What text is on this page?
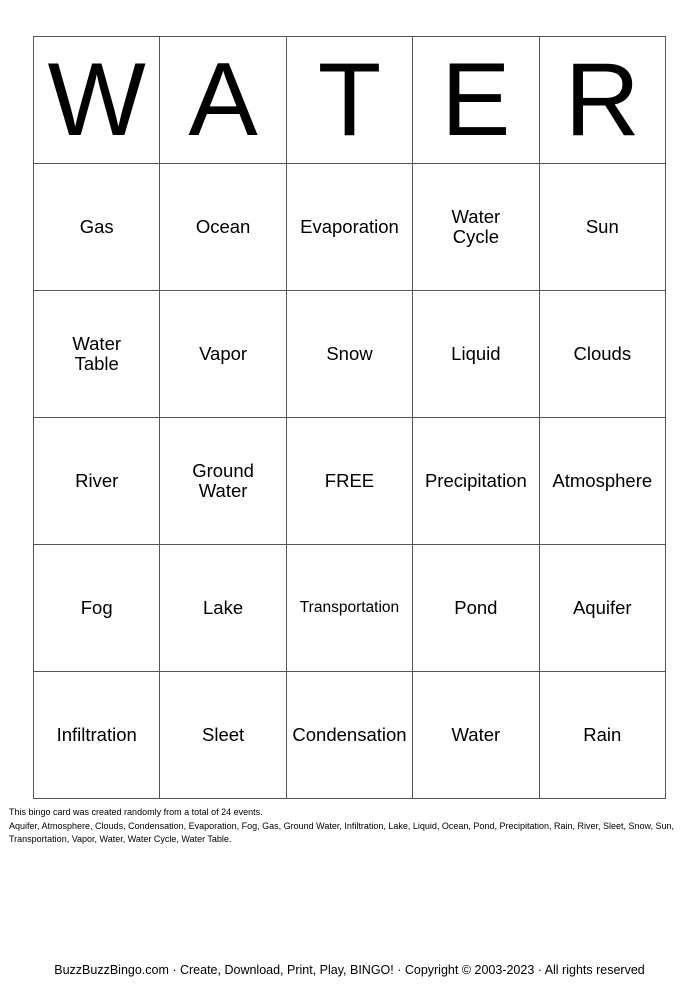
W	A	T	E	R

Gas	Ocean	Evaporation	Water Cycle	Sun

Water Table	Vapor	Snow	Liquid	Clouds

River	Ground Water	FREE	Precipitation	Atmosphere

Fog	Lake	Transportation	Pond	Aquifer

Infiltration	Sleet	Condensation	Water	Rain

This bingo card was created randomly from a total of 24 events.

Aquifer, Atmosphere, Clouds, Condensation, Evaporation, Fog, Gas, Ground Water, Infiltration, Lake, Liquid, Ocean, Pond, Precipitation, Rain, River, Sleet, Snow, Sun, Transportation, Vapor, Water, Water Cycle, Water Table.

BuzzBuzzBingo.com · Create, Download, Print, Play, BINGO! · Copyright © 2003-2023 · All rights reserved
